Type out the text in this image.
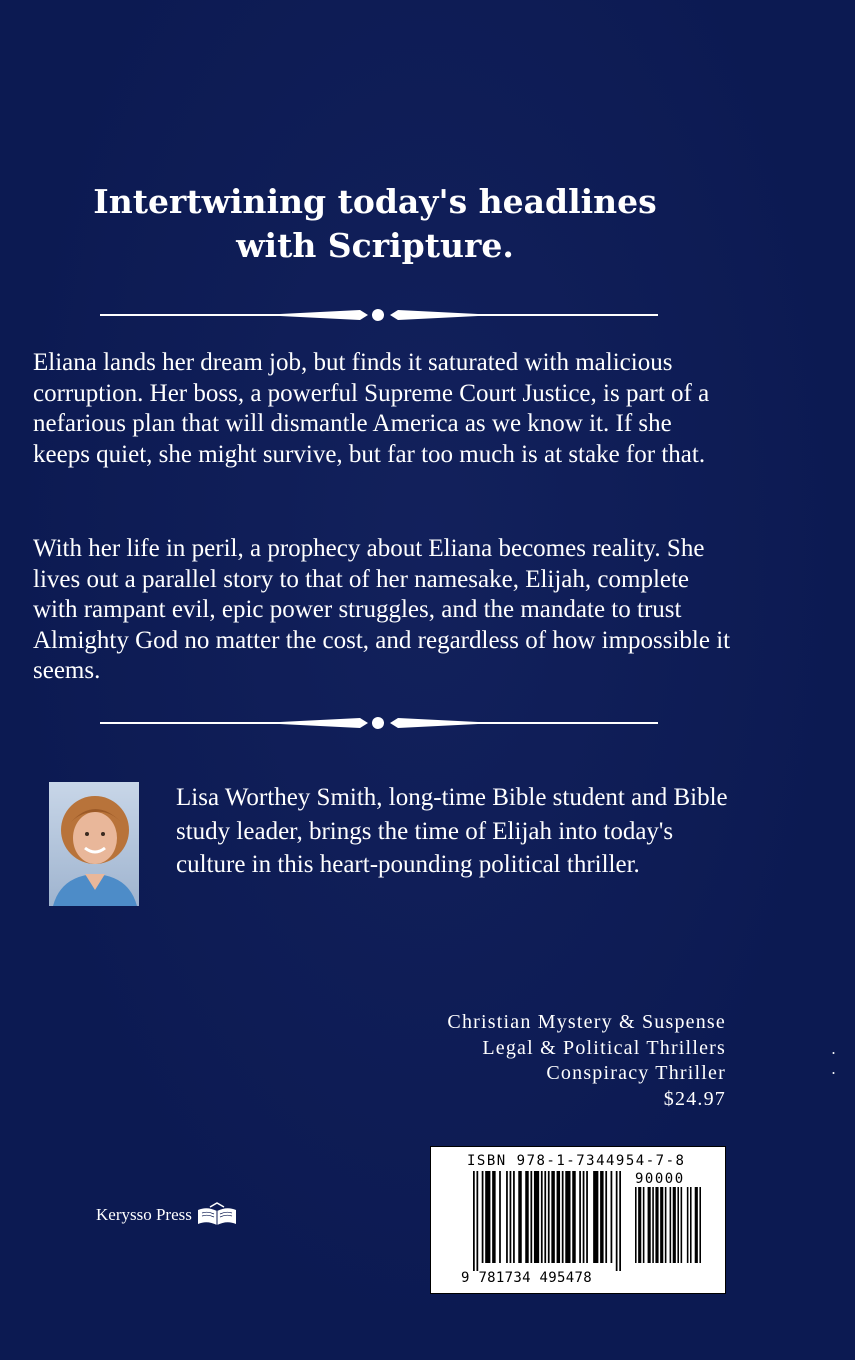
Intertwining today's headlines
with Scripture.
Eliana lands her dream job, but finds it saturated with malicious corruption. Her boss, a powerful Supreme Court Justice, is part of a nefarious plan that will dismantle America as we know it. If she keeps quiet, she might survive, but far too much is at stake for that.
With her life in peril, a prophecy about Eliana becomes reality. She lives out a parallel story to that of her namesake, Elijah, complete with rampant evil, epic power struggles, and the mandate to trust Almighty God no matter the cost, and regardless of how impossible it seems.
Lisa Worthey Smith, long-time Bible student and Bible study leader, brings the time of Elijah into today's culture in this heart-pounding political thriller.
Christian Mystery & Suspense
Legal & Political Thrillers
Conspiracy Thriller
$24.97
Kerysso Press
ISBN 978-1-7344954-7-8
90000
9 781734 495478
